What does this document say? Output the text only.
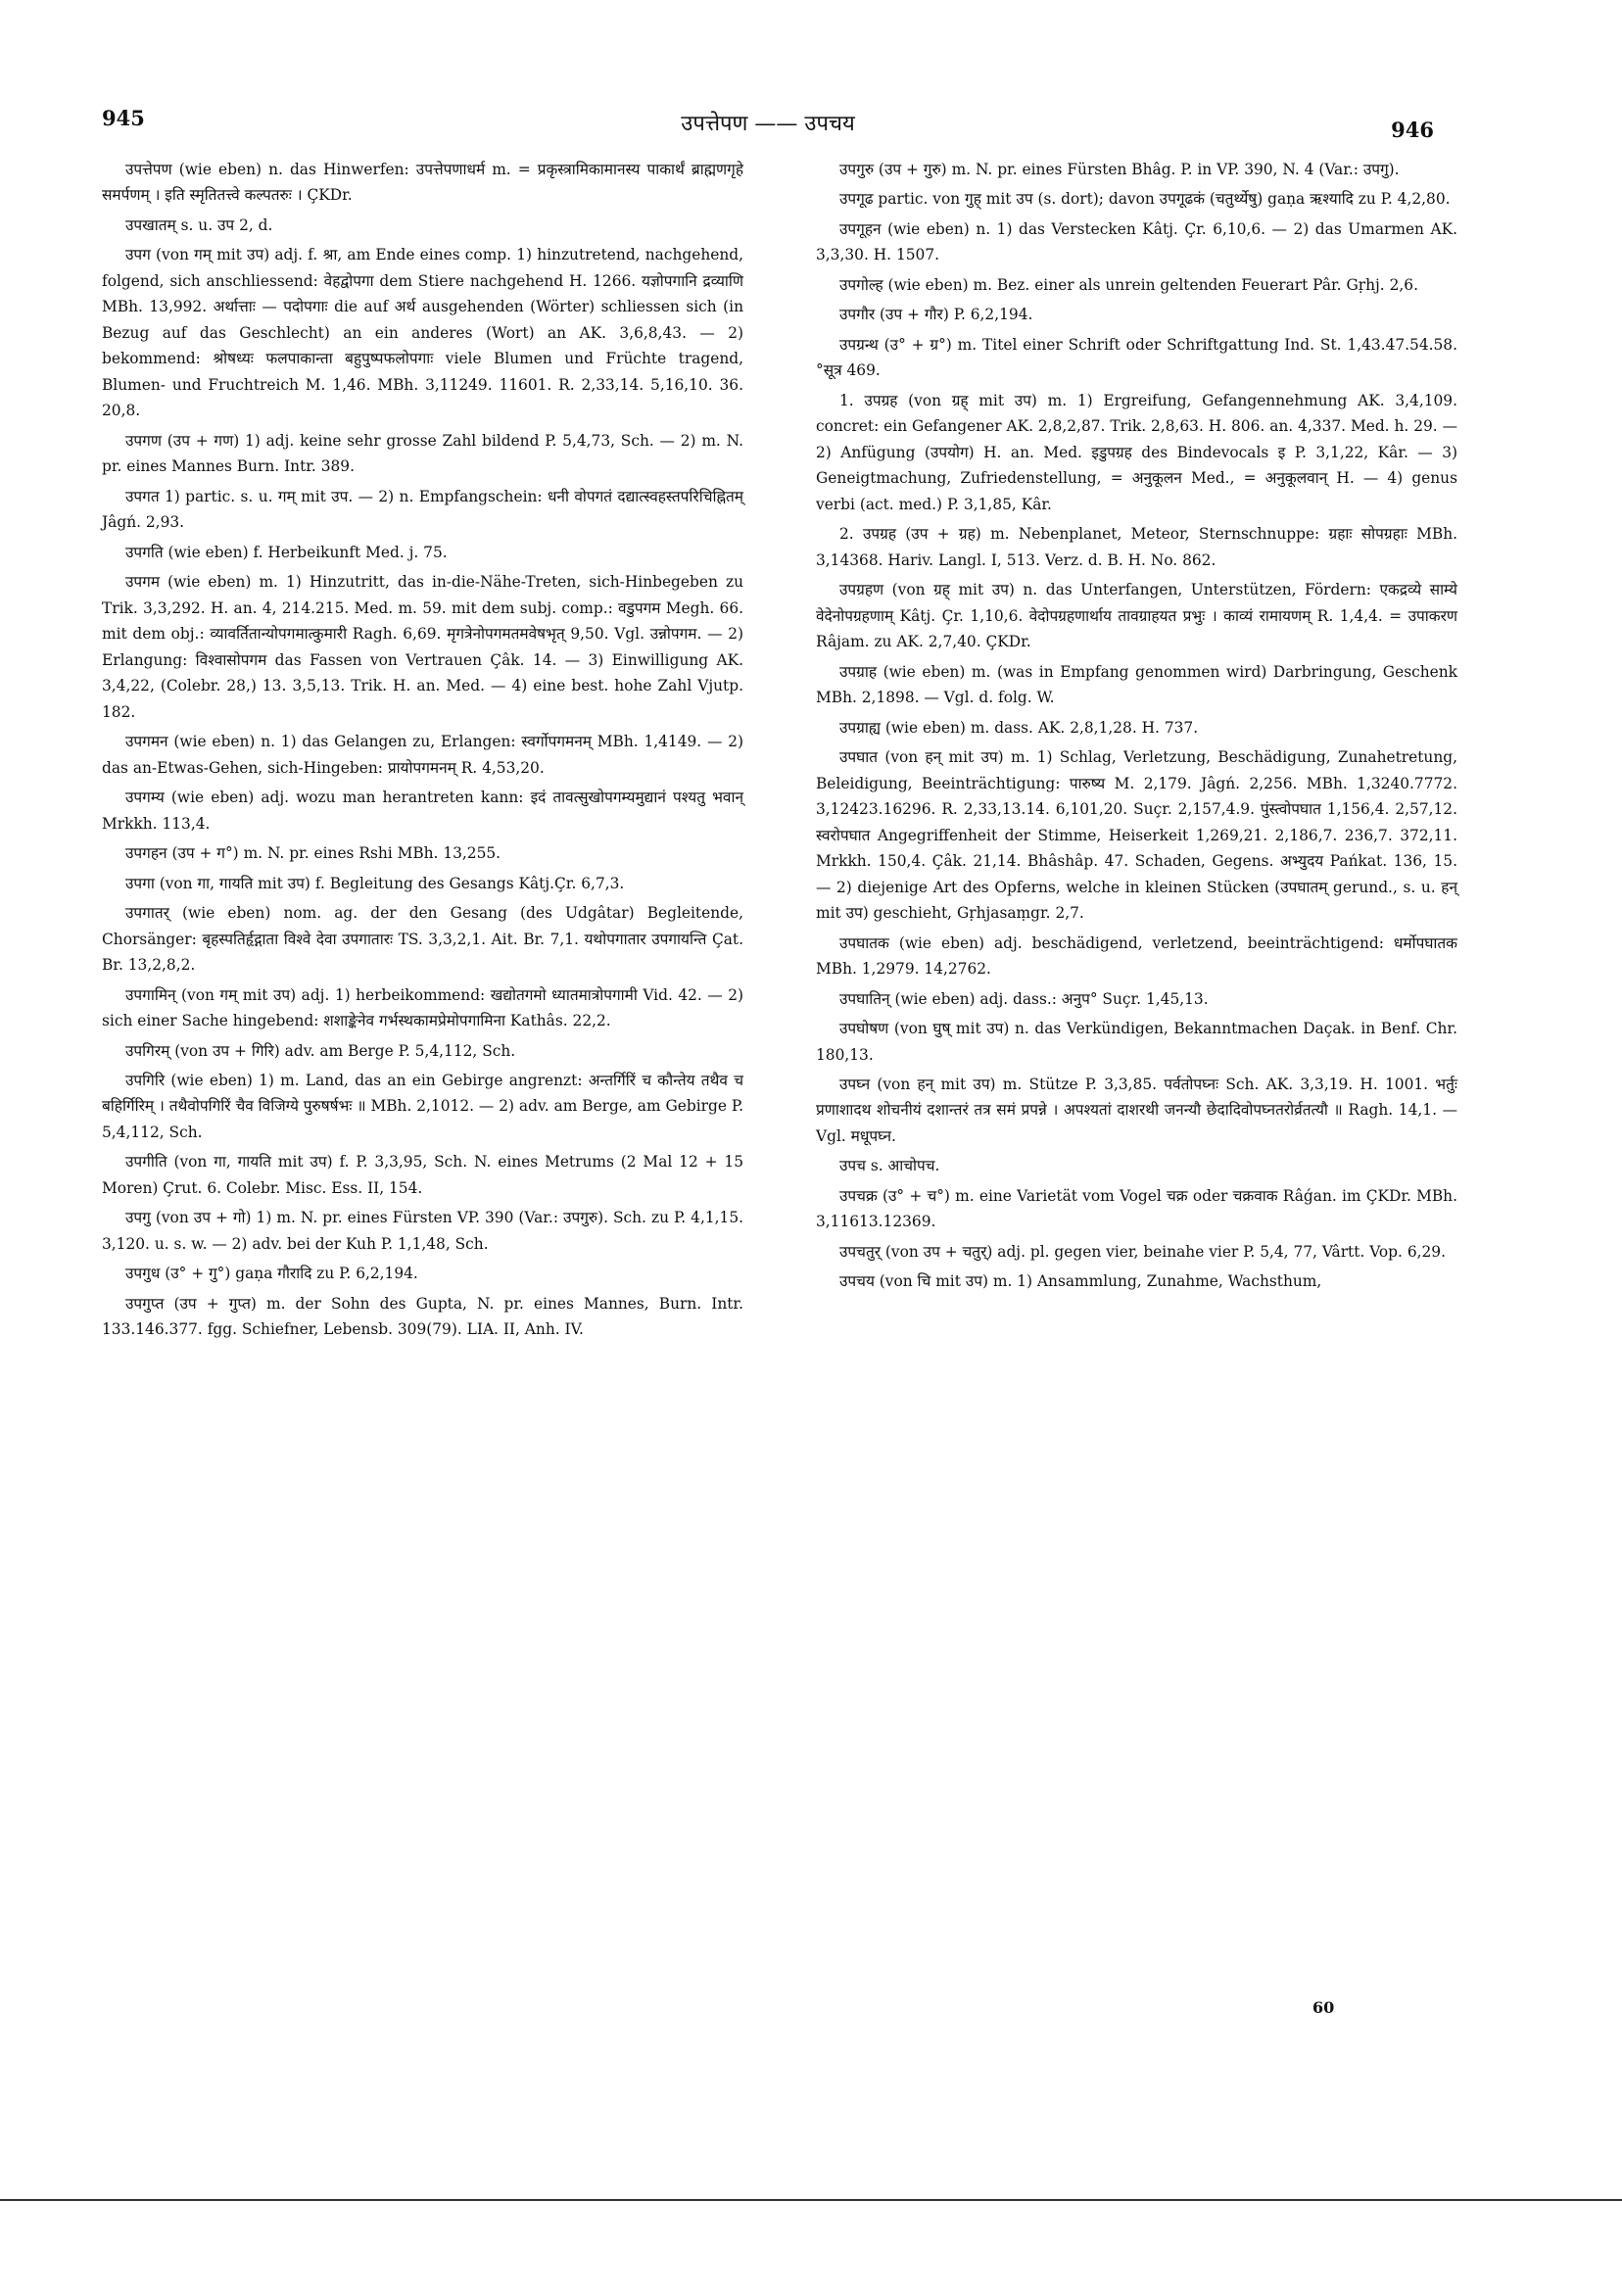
945	उपत्तेपण —— उपचय	946

उपत्तेपण (wie eben) n. das Hinwerfen: उपत्तेपणाधर्म m. = प्रकृस्त्रामिकामानस्य पाकार्थं ब्राह्मणगृहे समर्पणम् । इति स्मृतितत्त्वे कल्पतरुः । ÇKDr.

उपखातम् s. u. उप 2, d.

उपग (von गम् mit उप) adj. f. श्रा, am Ende eines comp. 1) hinzutretend, nachgehend, folgend, sich anschliessend: वेहद्वोपगा dem Stiere nachgehend H. 1266. यज्ञोपगानि द्रव्याणि MBh. 13,992. अर्थात्ताः — पदोपगाः die auf अर्थ ausgehenden (Wörter) schliessen sich (in Bezug auf das Geschlecht) an ein anderes (Wort) an AK. 3,6,8,43. — 2) bekommend: श्रोषध्यः फलपाकान्ता बहुपुष्पफलोपगाः viele Blumen und Früchte tragend, Blumen- und Fruchtreich M. 1,46. MBh. 3,11249. 11601. R. 2,33,14. 5,16,10. 36. 20,8.

उपगण (उप + गण) 1) adj. keine sehr grosse Zahl bildend P. 5,4,73, Sch. — 2) m. N. pr. eines Mannes Burn. Intr. 389.

उपगत 1) partic. s. u. गम् mit उप. — 2) n. Empfangschein: धनी वोपगतं दद्यात्स्वहस्तपरिचिह्नितम् Jâgń. 2,93.

उपगति (wie eben) f. Herbeikunft Med. j. 75.

उपगम (wie eben) m. 1) Hinzutritt, das in-die-Nähe-Treten, sich-Hinbegeben zu Trik. 3,3,292. H. an. 4, 214.215. Med. m. 59. mit dem subj. comp.: वडुपगम Megh. 66. mit dem obj.: व्यावर्तितान्योपगमात्कुमारी Ragh. 6,69. मृगत्रेनोपगमतमवेषभृत् 9,50. Vgl. उन्नोपगम. — 2) Erlangung: विश्वासोपगम das Fassen von Vertrauen Çâk. 14. — 3) Einwilligung AK. 3,4,22, (Colebr. 28,) 13. 3,5,13. Trik. H. an. Med. — 4) eine best. hohe Zahl Vjutp. 182.

उपगमन (wie eben) n. 1) das Gelangen zu, Erlangen: स्वर्गोपगमनम् MBh. 1,4149. — 2) das an-Etwas-Gehen, sich-Hingeben: प्रायोपगमनम् R. 4,53,20.

उपगम्य (wie eben) adj. wozu man herantreten kann: इदं तावत्सुखोपगम्यमुद्यानं पश्यतु भवान् Mrkkh. 113,4.

उपगहन (उप + ग°) m. N. pr. eines Rshi MBh. 13,255.

उपगा (von गा, गायति mit उप) f. Begleitung des Gesangs Kâtj.Çr. 6,7,3.

उपगातर् (wie eben) nom. ag. der den Gesang (des Udgâtar) Begleitende, Chorsänger: बृहस्पतिर्हृद्गाता विश्वे देवा उपगातारः TS. 3,3,2,1. Ait. Br. 7,1. यथोपगातार उपगायन्ति Çat. Br. 13,2,8,2.

उपगामिन् (von गम् mit उप) adj. 1) herbeikommend: खद्योतगमो ध्यातमात्रोपगामी Vid. 42. — 2) sich einer Sache hingebend: शशाङ्केनेव गर्भस्थकामप्रेमोपगामिना Kathâs. 22,2.

उपगिरम् (von उप + गिरि) adv. am Berge P. 5,4,112, Sch.

उपगिरि (wie eben) 1) m. Land, das an ein Gebirge angrenzt: अन्तर्गिरिं च कौन्तेय तथैव च बहिर्गिरिम् । तथैवोपगिरिं चैव विजिग्ये पुरुषर्षभः ॥ MBh. 2,1012. — 2) adv. am Berge, am Gebirge P. 5,4,112, Sch.

उपगीति (von गा, गायति mit उप) f. P. 3,3,95, Sch. N. eines Metrums (2 Mal 12 + 15 Moren) Çrut. 6. Colebr. Misc. Ess. II, 154.

उपगु (von उप + गो) 1) m. N. pr. eines Fürsten VP. 390 (Var.: उपगुरु). Sch. zu P. 4,1,15. 3,120. u. s. w. — 2) adv. bei der Kuh P. 1,1,48, Sch.

उपगुध (उ° + गु°) gaṇa गौरादि zu P. 6,2,194.

उपगुप्त (उप + गुप्त) m. der Sohn des Gupta, N. pr. eines Mannes, Burn. Intr. 133.146.377. fgg. Schiefner, Lebensb. 309(79). LIA. II, Anh. IV.

उपगुरु (उप + गुरु) m. N. pr. eines Fürsten Bhâg. P. in VP. 390, N. 4 (Var.: उपगु).

उपगूढ partic. von गुह् mit उप (s. dort); davon उपगूढकं (चतुर्थ्येषु) gaṇa ऋश्यादि zu P. 4,2,80.

उपगूहन (wie eben) n. 1) das Verstecken Kâtj. Çr. 6,10,6. — 2) das Umarmen AK. 3,3,30. H. 1507.

उपगोल्ह (wie eben) m. Bez. einer als unrein geltenden Feuerart Pâr. Gṛhj. 2,6.

उपगौर (उप + गौर) P. 6,2,194.

उपग्रन्थ (उ° + ग्र°) m. Titel einer Schrift oder Schriftgattung Ind. St. 1,43.47.54.58. °सूत्र 469.

1. उपग्रह (von ग्रह् mit उप) m. 1) Ergreifung, Gefangennehmung AK. 3,4,109. concret: ein Gefangener AK. 2,8,2,87. Trik. 2,8,63. H. 806. an. 4,337. Med. h. 29. — 2) Anfügung (उपयोग) H. an. Med. इडुपग्रह des Bindevocals इ P. 3,1,22, Kâr. — 3) Geneigtmachung, Zufriedenstellung, = अनुकूलन Med., = अनुकूलवान् H. — 4) genus verbi (act. med.) P. 3,1,85, Kâr.

2. उपग्रह (उप + ग्रह) m. Nebenplanet, Meteor, Sternschnuppe: ग्रहाः सोपग्रहाः MBh. 3,14368. Hariv. Langl. I, 513. Verz. d. B. H. No. 862.

उपग्रहण (von ग्रह् mit उप) n. das Unterfangen, Unterstützen, Fördern: एकद्रव्ये साम्ये वेदेनोपग्रहणाम् Kâtj. Çr. 1,10,6. वेदोपग्रहणार्थाय तावग्राहयत प्रभुः । काव्यं रामायणम् R. 1,4,4. = उपाकरण Râjam. zu AK. 2,7,40. ÇKDr.

उपग्राह (wie eben) m. (was in Empfang genommen wird) Darbringung, Geschenk MBh. 2,1898. — Vgl. d. folg. W.

उपग्राह्य (wie eben) m. dass. AK. 2,8,1,28. H. 737.

उपघात (von हन् mit उप) m. 1) Schlag, Verletzung, Beschädigung, Zunahetretung, Beleidigung, Beeinträchtigung: पारुष्य M. 2,179. Jâgń. 2,256. MBh. 1,3240.7772. 3,12423.16296. R. 2,33,13.14. 6,101,20. Suçr. 2,157,4.9. पुंस्त्वोपघात 1,156,4. 2,57,12. स्वरोपघात Angegriffenheit der Stimme, Heiserkeit 1,269,21. 2,186,7. 236,7. 372,11. Mrkkh. 150,4. Çâk. 21,14. Bhâshâp. 47. Schaden, Gegens. अभ्युदय Pańkat. 136, 15. — 2) diejenige Art des Opferns, welche in kleinen Stücken (उपघातम् gerund., s. u. हन् mit उप) geschieht, Gṛhjasaṃgr. 2,7.

उपघातक (wie eben) adj. beschädigend, verletzend, beeinträchtigend: धर्मोपघातक MBh. 1,2979. 14,2762.

उपघातिन् (wie eben) adj. dass.: अनुप° Suçr. 1,45,13.

उपघोषण (von घुष् mit उप) n. das Verkündigen, Bekanntmachen Daçak. in Benf. Chr. 180,13.

उपघ्न (von हन् mit उप) m. Stütze P. 3,3,85. पर्वतोपघ्नः Sch. AK. 3,3,19. H. 1001. भर्तुः प्रणाशादथ शोचनीयं दशान्तरं तत्र समं प्रपन्ने । अपश्यतां दाशरथी जनन्यौ छेदादिवोपघ्नतरोर्व्रतत्यौ ॥ Ragh. 14,1. — Vgl. मधूपघ्न.

उपच s. आचोपच.

उपचक्र (उ° + च°) m. eine Varietät vom Vogel चक्र oder चक्रवाक Râǵan. im ÇKDr. MBh. 3,11613.12369.

उपचतुर् (von उप + चतुर्) adj. pl. gegen vier, beinahe vier P. 5,4, 77, Vârtt. Vop. 6,29.

उपचय (von चि mit उप) m. 1) Ansammlung, Zunahme, Wachsthum,

60
